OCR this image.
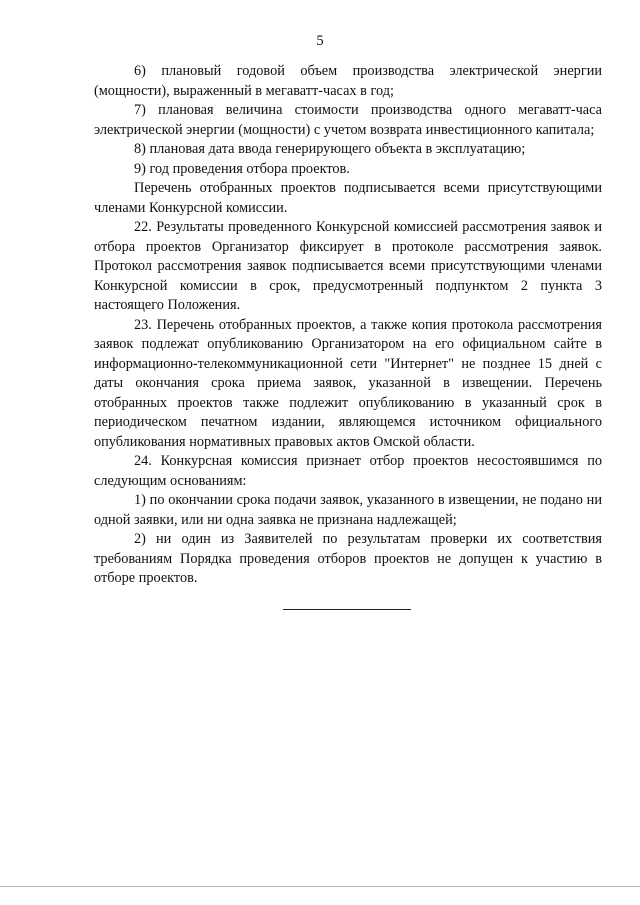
5

6) плановый годовой объем производства электрической энергии (мощности), выраженный в мегаватт-часах в год;

7) плановая величина стоимости производства одного мегаватт-часа электрической энергии (мощности) с учетом возврата инвестиционного капитала;

8) плановая дата ввода генерирующего объекта в эксплуатацию;

9) год проведения отбора проектов.

Перечень отобранных проектов подписывается всеми присутствующими членами Конкурсной комиссии.

22. Результаты проведенного Конкурсной комиссией рассмотрения заявок и отбора проектов Организатор фиксирует в протоколе рассмотрения заявок. Протокол рассмотрения заявок подписывается всеми присутствующими членами Конкурсной комиссии в срок, предусмотренный подпунктом 2 пункта 3 настоящего Положения.

23. Перечень отобранных проектов, а также копия протокола рассмотрения заявок подлежат опубликованию Организатором на его официальном сайте в информационно-телекоммуникационной сети "Интернет" не позднее 15 дней с даты окончания срока приема заявок, указанной в извещении. Перечень отобранных проектов также подлежит опубликованию в указанный срок в периодическом печатном издании, являющемся источником официального опубликования нормативных правовых актов Омской области.

24. Конкурсная комиссия признает отбор проектов несостоявшимся по следующим основаниям:

1) по окончании срока подачи заявок, указанного в извещении, не подано ни одной заявки, или ни одна заявка не признана надлежащей;

2) ни один из Заявителей по результатам проверки их соответствия требованиям Порядка проведения отборов проектов не допущен к участию в отборе проектов.
